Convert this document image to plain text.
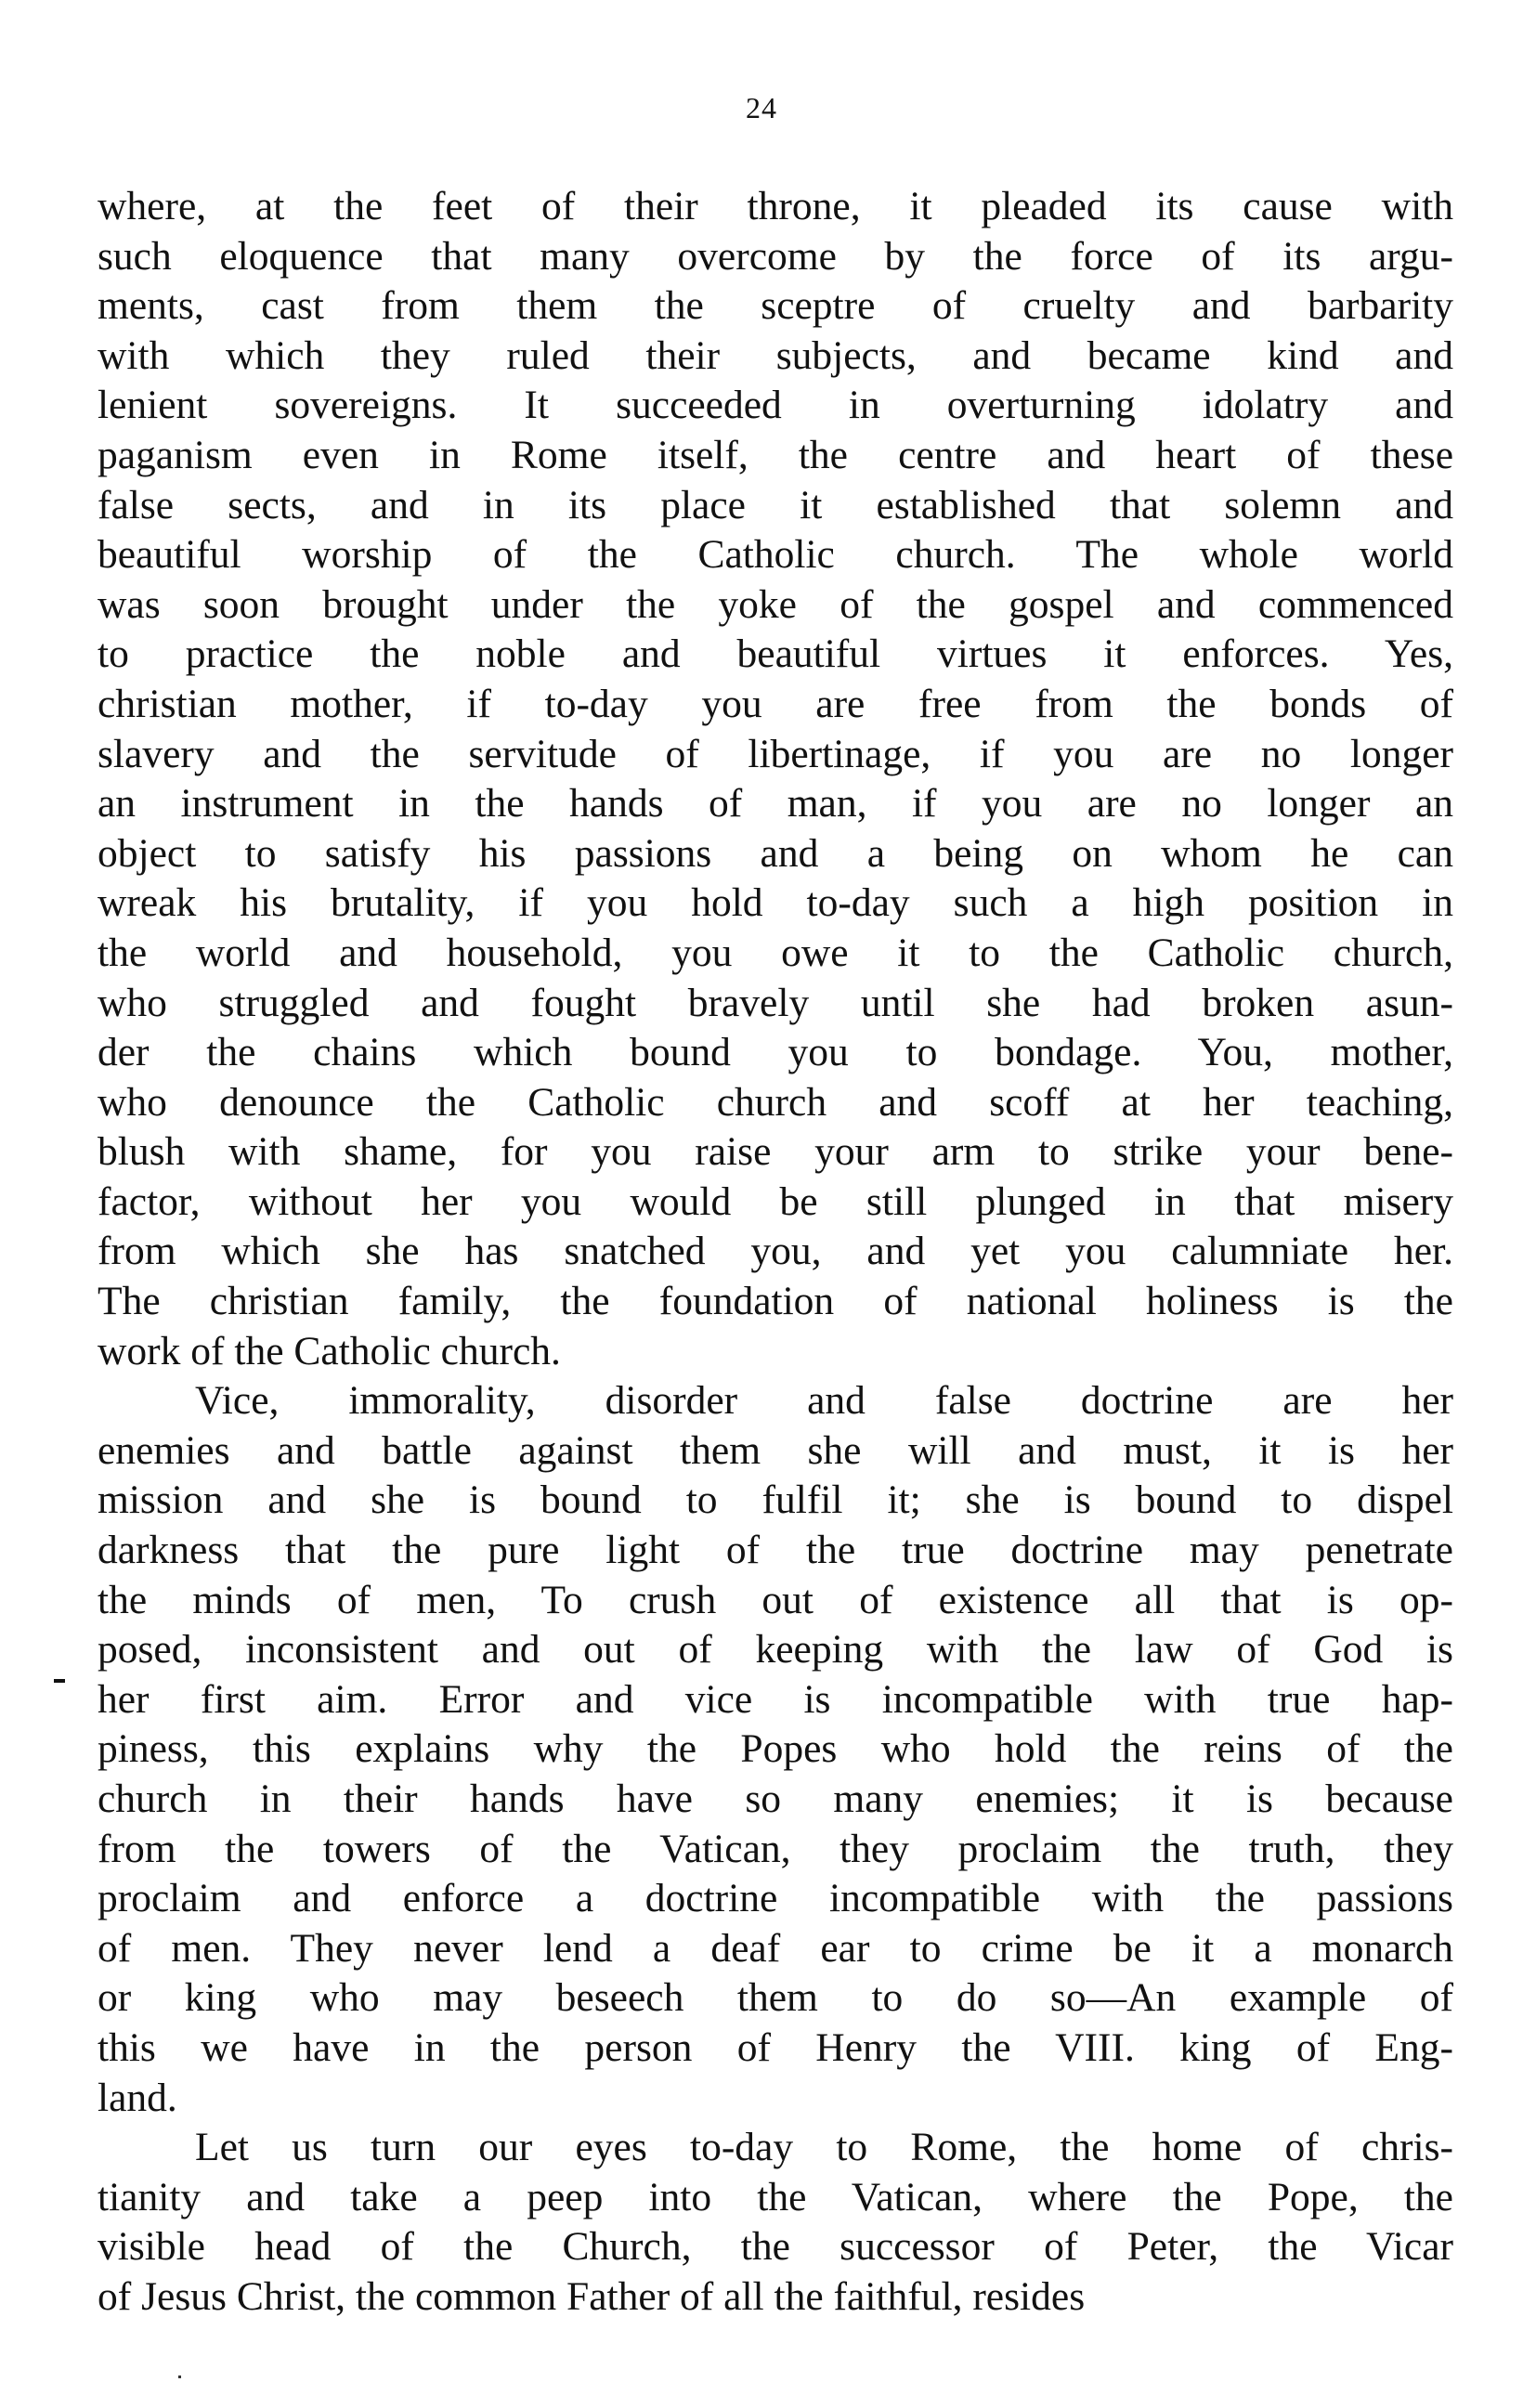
24
where, at the feet of their throne, it pleaded its cause with
such eloquence that many overcome by the force of its argu-
ments, cast from them the sceptre of cruelty and barbarity
with which they ruled their subjects, and became kind and
lenient sovereigns. It succeeded in overturning idolatry and
paganism even in Rome itself, the centre and heart of these
false sects, and in its place it established that solemn and
beautiful worship of the Catholic church. The whole world
was soon brought under the yoke of the gospel and commenced
to practice the noble and beautiful virtues it enforces. Yes,
christian mother, if to-day you are free from the bonds of
slavery and the servitude of libertinage, if you are no longer
an instrument in the hands of man, if you are no longer an
object to satisfy his passions and a being on whom he can
wreak his brutality, if you hold to-day such a high position in
the world and household, you owe it to the Catholic church,
who struggled and fought bravely until she had broken asun-
der the chains which bound you to bondage. You, mother,
who denounce the Catholic church and scoff at her teaching,
blush with shame, for you raise your arm to strike your bene-
factor, without her you would be still plunged in that misery
from which she has snatched you, and yet you calumniate her.
The christian family, the foundation of national holiness is the
work of the Catholic church.
Vice, immorality, disorder and false doctrine are her
enemies and battle against them she will and must, it is her
mission and she is bound to fulfil it; she is bound to dispel
darkness that the pure light of the true doctrine may penetrate
the minds of men, To crush out of existence all that is op-
posed, inconsistent and out of keeping with the law of God is
her first aim. Error and vice is incompatible with true hap-
piness, this explains why the Popes who hold the reins of the
church in their hands have so many enemies; it is because
from the towers of the Vatican, they proclaim the truth, they
proclaim and enforce a doctrine incompatible with the passions
of men. They never lend a deaf ear to crime be it a monarch
or king who may beseech them to do so—An example of
this we have in the person of Henry the VIII. king of Eng-
land.
Let us turn our eyes to-day to Rome, the home of chris-
tianity and take a peep into the Vatican, where the Pope, the
visible head of the Church, the successor of Peter, the Vicar
of Jesus Christ, the common Father of all the faithful, resides
